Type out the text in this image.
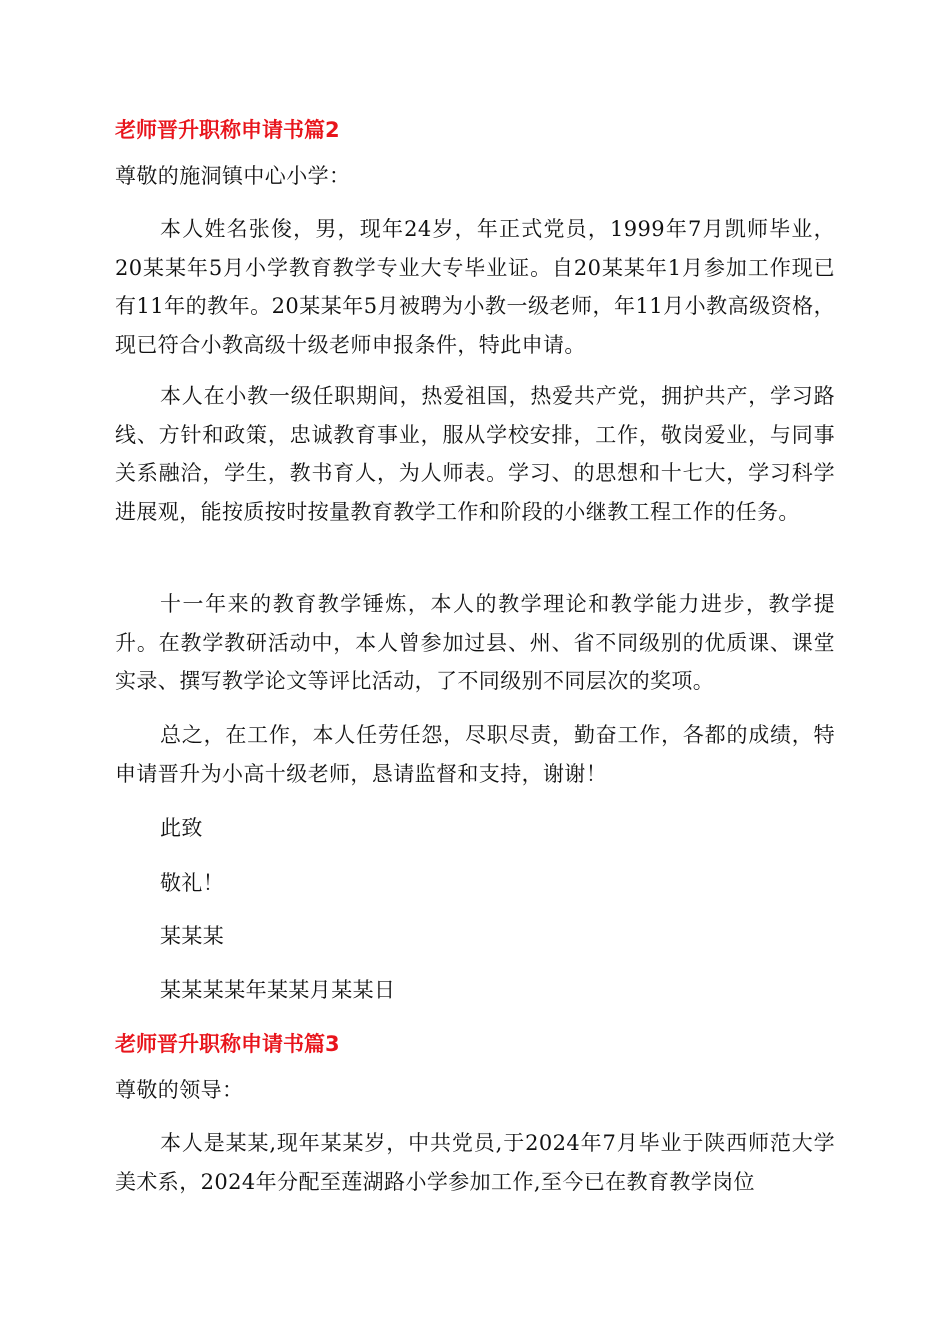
老师晋升职称申请书篇2
尊敬的施洞镇中心小学：

本人姓名张俊，男，现年24岁，年正式党员，1999年7月凯师毕业，20某某年5月小学教育教学专业大专毕业证。自20某某年1月参加工作现已有11年的教年。20某某年5月被聘为小教一级老师，年11月小教高级资格，现已符合小教高级十级老师申报条件，特此申请。

本人在小教一级任职期间，热爱祖国，热爱共产党，拥护共产，学习路线、方针和政策，忠诚教育事业，服从学校安排，工作，敬岗爱业，与同事关系融洽，学生，教书育人，为人师表。学习、的思想和十七大，学习科学进展观，能按质按时按量教育教学工作和阶段的小继教工程工作的任务。

十一年来的教育教学锤炼，本人的教学理论和教学能力进步，教学提升。在教学教研活动中，本人曾参加过县、州、省不同级别的优质课、课堂实录、撰写教学论文等评比活动，了不同级别不同层次的奖项。

总之，在工作，本人任劳任怨，尽职尽责，勤奋工作，各都的成绩，特申请晋升为小高十级老师，恳请监督和支持，谢谢！

此致
敬礼！
某某某
某某某某年某某月某某日
老师晋升职称申请书篇3
尊敬的领导：

本人是某某,现年某某岁，中共党员,于2024年7月毕业于陕西师范大学美术系，2024年分配至莲湖路小学参加工作,至今已在教育教学岗位
